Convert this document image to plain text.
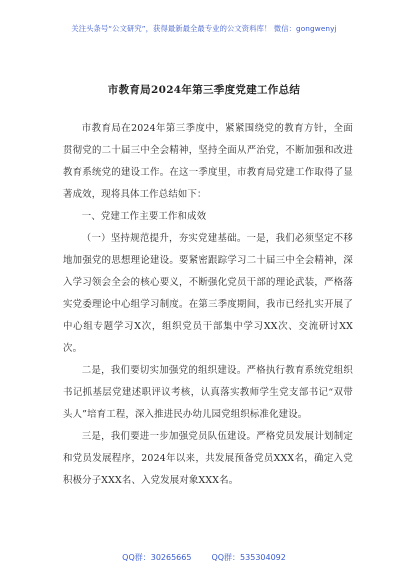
关注头条号“公文研究”，获得最新最全最专业的公文资料库！ 微信：gongwenyj
市教育局2024年第三季度党建工作总结

市教育局在2024年第三季度中，紧紧围绕党的教育方针，全面贯彻党的二十届三中全会精神，坚持全面从严治党，不断加强和改进教育系统党的建设工作。在这一季度里，市教育局党建工作取得了显著成效，现将具体工作总结如下：

一、党建工作主要工作和成效

（一）坚持规范提升，夯实党建基础。一是，我们必须坚定不移地加强党的思想理论建设。要紧密跟踪学习二十届三中全会精神，深入学习领会全会的核心要义，不断强化党员干部的理论武装，严格落实党委理论中心组学习制度。在第三季度期间，我市已经扎实开展了中心组专题学习X次，组织党员干部集中学习XX次、交流研讨XX次。

二是，我们要切实加强党的组织建设。严格执行教育系统党组织书记抓基层党建述职评议考核，认真落实教师学生党支部书记“双带头人”培育工程，深入推进民办幼儿园党组织标准化建设。

三是，我们要进一步加强党员队伍建设。严格党员发展计划制定和党员发展程序，2024年以来，共发展预备党员XXX名，确定入党积极分子XXX名、入党发展对象XXX名。

QQ群：30265665	QQ群：535304092
